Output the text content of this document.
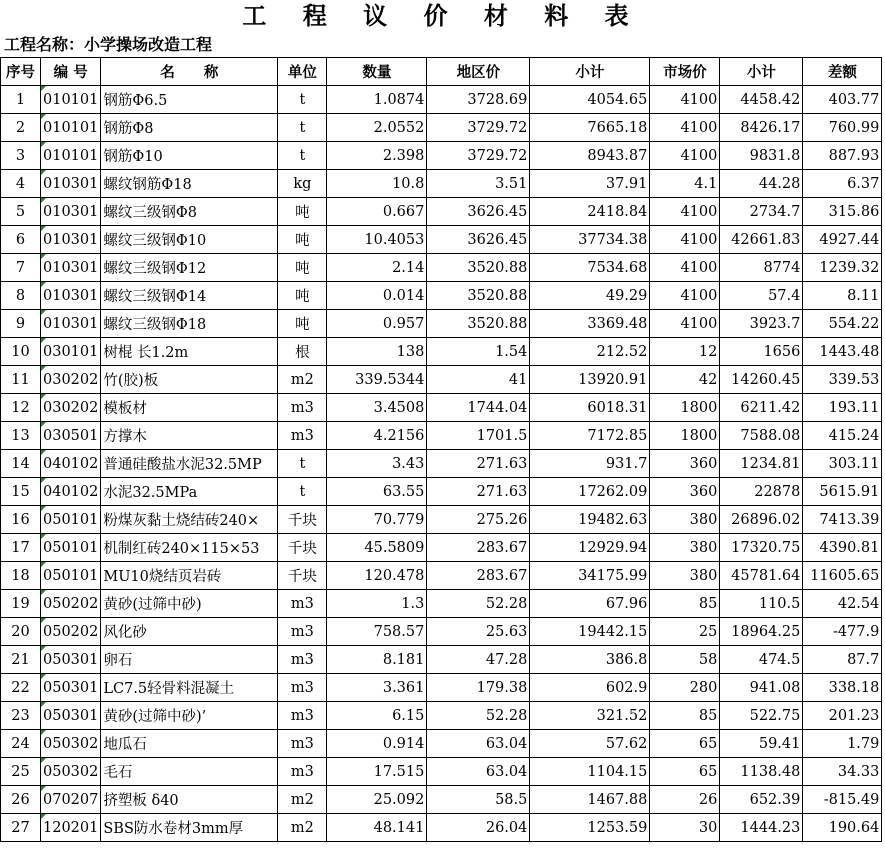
工 程 议 价 材 料 表
工程名称：小学操场改造工程
序号	编 号	名　　称	单位	数量	地区价	小计	市场价	小计	差额
1	010101	钢筋Φ6.5	t	1.0874	3728.69	4054.65	4100	4458.42	403.77
2	010101	钢筋Φ8	t	2.0552	3729.72	7665.18	4100	8426.17	760.99
3	010101	钢筋Φ10	t	2.398	3729.72	8943.87	4100	9831.8	887.93
4	010301	螺纹钢筋Φ18	kg	10.8	3.51	37.91	4.1	44.28	6.37
5	010301	螺纹三级钢Φ8	吨	0.667	3626.45	2418.84	4100	2734.7	315.86
6	010301	螺纹三级钢Φ10	吨	10.4053	3626.45	37734.38	4100	42661.83	4927.44
7	010301	螺纹三级钢Φ12	吨	2.14	3520.88	7534.68	4100	8774	1239.32
8	010301	螺纹三级钢Φ14	吨	0.014	3520.88	49.29	4100	57.4	8.11
9	010301	螺纹三级钢Φ18	吨	0.957	3520.88	3369.48	4100	3923.7	554.22
10	030101	树棍 长1.2m	根	138	1.54	212.52	12	1656	1443.48
11	030202	竹(胶)板	m2	339.5344	41	13920.91	42	14260.45	339.53
12	030202	模板材	m3	3.4508	1744.04	6018.31	1800	6211.42	193.11
13	030501	方撑木	m3	4.2156	1701.5	7172.85	1800	7588.08	415.24
14	040102	普通硅酸盐水泥32.5MP	t	3.43	271.63	931.7	360	1234.81	303.11
15	040102	水泥32.5MPa	t	63.55	271.63	17262.09	360	22878	5615.91
16	050101	粉煤灰黏土烧结砖240×	千块	70.779	275.26	19482.63	380	26896.02	7413.39
17	050101	机制红砖240×115×53	千块	45.5809	283.67	12929.94	380	17320.75	4390.81
18	050101	MU10烧结页岩砖	千块	120.478	283.67	34175.99	380	45781.64	11605.65
19	050202	黄砂(过筛中砂)	m3	1.3	52.28	67.96	85	110.5	42.54
20	050202	风化砂	m3	758.57	25.63	19442.15	25	18964.25	-477.9
21	050301	卵石	m3	8.181	47.28	386.8	58	474.5	87.7
22	050301	LC7.5轻骨料混凝土	m3	3.361	179.38	602.9	280	941.08	338.18
23	050301	黄砂(过筛中砂)’	m3	6.15	52.28	321.52	85	522.75	201.23
24	050302	地瓜石	m3	0.914	63.04	57.62	65	59.41	1.79
25	050302	毛石	m3	17.515	63.04	1104.15	65	1138.48	34.33
26	070207	挤塑板 δ40	m2	25.092	58.5	1467.88	26	652.39	-815.49
27	120201	SBS防水卷材3mm厚	m2	48.141	26.04	1253.59	30	1444.23	190.64
